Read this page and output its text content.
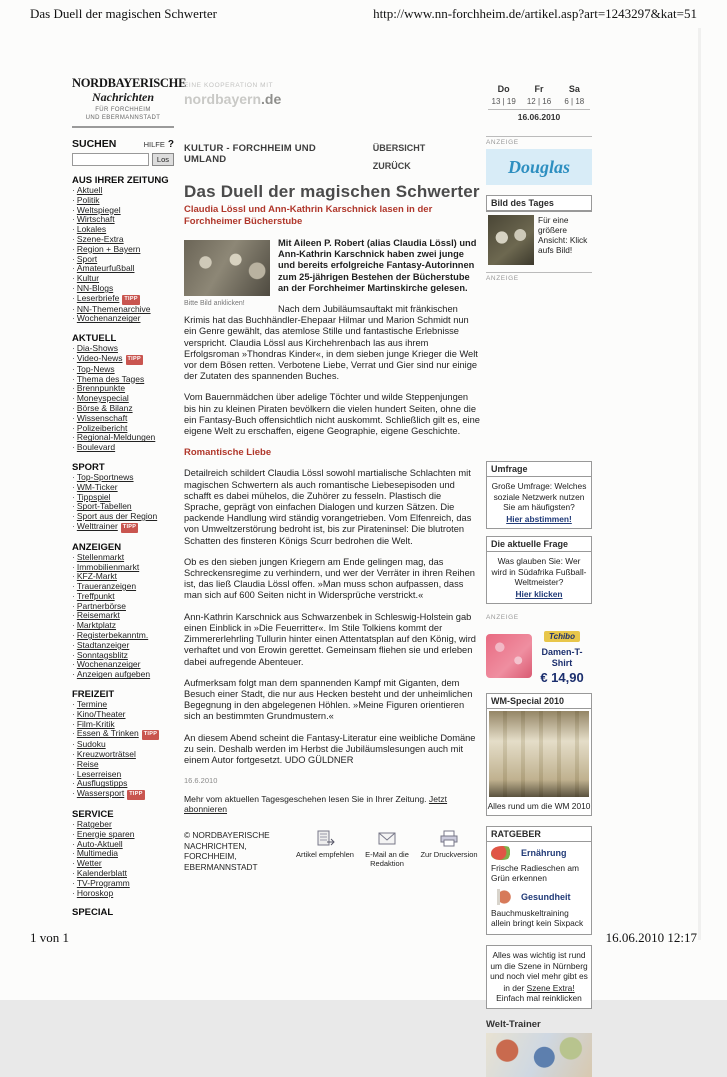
Das Duell der magischen Schwerter	http://www.nn-forchheim.de/artikel.asp?art=1243297&kat=51
NORDBAYERISCHE
Nachrichten
FÜR FORCHHEIM
UND EBERMANNSTADT
EINE KOOPERATION MIT
nordbayern.de
SUCHEN	HILFE ?
Los
AUS IHRER ZEITUNG
· Aktuell
· Politik
· Weltspiegel
· Wirtschaft
· Lokales
· Szene-Extra
· Region + Bayern
· Sport
· Amateurfußball
· Kultur
· NN-Blogs
· Leserbriefe TIPP
· NN-Themenarchive
· Wochenanzeiger
AKTUELL
· Dia-Shows
· Video-News TIPP
· Top-News
· Thema des Tages
· Brennpunkte
· Moneyspecial
· Börse & Bilanz
· Wissenschaft
· Polizeibericht
· Regional-Meldungen
· Boulevard
SPORT
· Top-Sportnews
· WM-Ticker
· Tippspiel
· Sport-Tabellen
· Sport aus der Region
· Welttrainer TIPP
ANZEIGEN
· Stellenmarkt
· Immobilienmarkt
· KFZ-Markt
· Traueranzeigen
· Treffpunkt
· Partnerbörse
· Reisemarkt
· Marktplatz
· Registerbekanntm.
· Stadtanzeiger
· Sonntagsblitz
· Wochenanzeiger
· Anzeigen aufgeben
FREIZEIT
· Termine
· Kino/Theater
· Film-Kritik
· Essen & Trinken TIPP
· Sudoku
· Kreuzworträtsel
· Reise
· Leserreisen
· Ausflugstipps
· Wassersport TIPP
SERVICE
· Ratgeber
· Energie sparen
· Auto-Aktuell
· Multimedia
· Wetter
· Kalenderblatt
· TV-Programm
· Horoskop
SPECIAL
KULTUR - FORCHHEIM UND UMLAND
ÜBERSICHT ZURÜCK
Das Duell der magischen Schwerter
Claudia Lössl und Ann-Kathrin Karschnick lasen in der Forchheimer Bücherstube
Bitte Bild anklicken!

Mit Aileen P. Robert (alias Claudia Lössl) und Ann-Kathrin Karschnick haben zwei junge und bereits erfolgreiche Fantasy-Autorinnen zum 25-jährigen Bestehen der Bücherstube an der Forchheimer Martinskirche gelesen.

Nach dem Jubiläumsauftakt mit fränkischen Krimis hat das Buchhändler-Ehepaar Hilmar und Marion Schmidt nun ein Genre gewählt, das atemlose Stille und fantastische Erlebnisse verspricht. Claudia Lössl aus Kirchehrenbach las aus ihrem Erfolgsroman »Thondras Kinder«, in dem sieben junge Krieger die Welt vor dem Bösen retten. Verbotene Liebe, Verrat und Gier sind nur einige der Zutaten des spannenden Buches.

Vom Bauernmädchen über adelige Töchter und wilde Steppenjungen bis hin zu kleinen Piraten bevölkern die vielen hundert Seiten, ohne die ein Fantasy-Buch offensichtlich nicht auskommt. Schließlich gilt es, eine eigene Welt zu erschaffen, eigene Geographie, eigene Geschichte.

Romantische Liebe

Detailreich schildert Claudia Lössl sowohl martialische Schlachten mit magischen Schwertern als auch romantische Liebesepisoden und schafft es dabei mühelos, die Zuhörer zu fesseln. Plastisch die Sprache, geprägt von einfachen Dialogen und kurzen Sätzen. Die packende Handlung wird ständig vorangetrieben. Vom Elfenreich, das von Umweltzerstörung bedroht ist, bis zur Pirateninsel: Die blutroten Schatten des finsteren Königs Scurr bedrohen die Welt.

Ob es den sieben jungen Kriegern am Ende gelingen mag, das Schreckensregime zu verhindern, und wer der Verräter in ihren Reihen ist, das ließ Claudia Lössl offen. »Man muss schon aufpassen, dass man sich auf 600 Seiten nicht in Widersprüche verstrickt.«

Ann-Kathrin Karschnick aus Schwarzenbek in Schleswig-Holstein gab einen Einblick in »Die Feuerritter«. Im Stile Tolkiens kommt der Zimmererlehrling Tullurin hinter einen Attentatsplan auf den König, wird verhaftet und von Erowin gerettet. Gemeinsam fliehen sie und erleben dabei aufregende Abenteuer.

Aufmerksam folgt man dem spannenden Kampf mit Giganten, dem Besuch einer Stadt, die nur aus Hecken besteht und der unheimlichen Begegnung in den abgelegenen Höhlen. »Meine Figuren orientieren sich an bestimmten Grundmustern.«

An diesem Abend scheint die Fantasy-Literatur eine weibliche Domäne zu sein. Deshalb werden im Herbst die Jubiläumslesungen auch mit einem Autor fortgesetzt. UDO GÜLDNER

16.6.2010
Mehr vom aktuellen Tagesgeschehen lesen Sie in Ihrer Zeitung. Jetzt abonnieren
© NORDBAYERISCHE NACHRICHTEN,
FORCHHEIM, EBERMANNSTADT
Artikel empfehlen	E-Mail an die Redaktion
Zur Druckversion
Do	Fr	Sa
13 | 19	12 | 16	6 | 18
16.06.2010
ANZEIGE
Douglas
Bild des Tages
Für eine größere Ansicht: Klick aufs Bild!
ANZEIGE
Umfrage
Große Umfrage: Welches soziale Netzwerk nutzen Sie am häufigsten?
Hier abstimmen!
Die aktuelle Frage
Was glauben Sie: Wer wird in Südafrika Fußball-Weltmeister?
Hier klicken
ANZEIGE
Tchibo
Damen-T-Shirt
€ 14,90
WM-Special 2010
Alles rund um die WM 2010
RATGEBER
Ernährung
Frische Radieschen am Grün erkennen
Gesundheit
Bauchmuskeltraining allein bringt kein Sixpack
Alles was wichtig ist rund um die Szene in Nürnberg und noch viel mehr gibt es in der Szene Extra! Einfach mal reinklicken
Welt-Trainer
1 von 1	16.06.2010 12:17
